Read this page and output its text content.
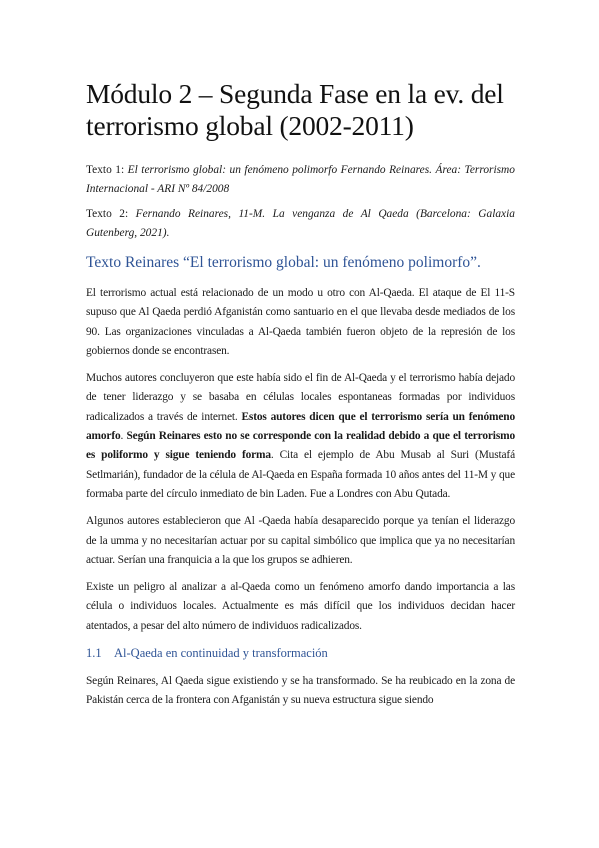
Módulo 2 – Segunda Fase en la ev. del terrorismo global (2002-2011)

Texto 1: El terrorismo global: un fenómeno polimorfo Fernando Reinares. Área: Terrorismo Internacional - ARI Nº 84/2008

Texto 2: Fernando Reinares, 11-M. La venganza de Al Qaeda (Barcelona: Galaxia Gutenberg, 2021).

Texto Reinares “El terrorismo global: un fenómeno polimorfo”.

El terrorismo actual está relacionado de un modo u otro con Al-Qaeda. El ataque de El 11-S supuso que Al Qaeda perdió Afganistán como santuario en el que llevaba desde mediados de los 90. Las organizaciones vinculadas a Al-Qaeda también fueron objeto de la represión de los gobiernos donde se encontrasen.

Muchos autores concluyeron que este había sido el fin de Al-Qaeda y el terrorismo había dejado de tener liderazgo y se basaba en células locales espontaneas formadas por individuos radicalizados a través de internet. Estos autores dicen que el terrorismo sería un fenómeno amorfo. Según Reinares esto no se corresponde con la realidad debido a que el terrorismo es poliformo y sigue teniendo forma. Cita el ejemplo de Abu Musab al Suri (Mustafá Setlmarián), fundador de la célula de Al-Qaeda en España formada 10 años antes del 11-M y que formaba parte del círculo inmediato de bin Laden. Fue a Londres con Abu Qutada.

Algunos autores establecieron que Al -Qaeda había desaparecido porque ya tenían el liderazgo de la umma y no necesitarían actuar por su capital simbólico que implica que ya no necesitarían actuar. Serían una franquicia a la que los grupos se adhieren.

Existe un peligro al analizar a al-Qaeda como un fenómeno amorfo dando importancia a las célula o individuos locales. Actualmente es más difícil que los individuos decidan hacer atentados, a pesar del alto número de individuos radicalizados.

1.1 Al-Qaeda en continuidad y transformación

Según Reinares, Al Qaeda sigue existiendo y se ha transformado. Se ha reubicado en la zona de Pakistán cerca de la frontera con Afganistán y su nueva estructura sigue siendo
